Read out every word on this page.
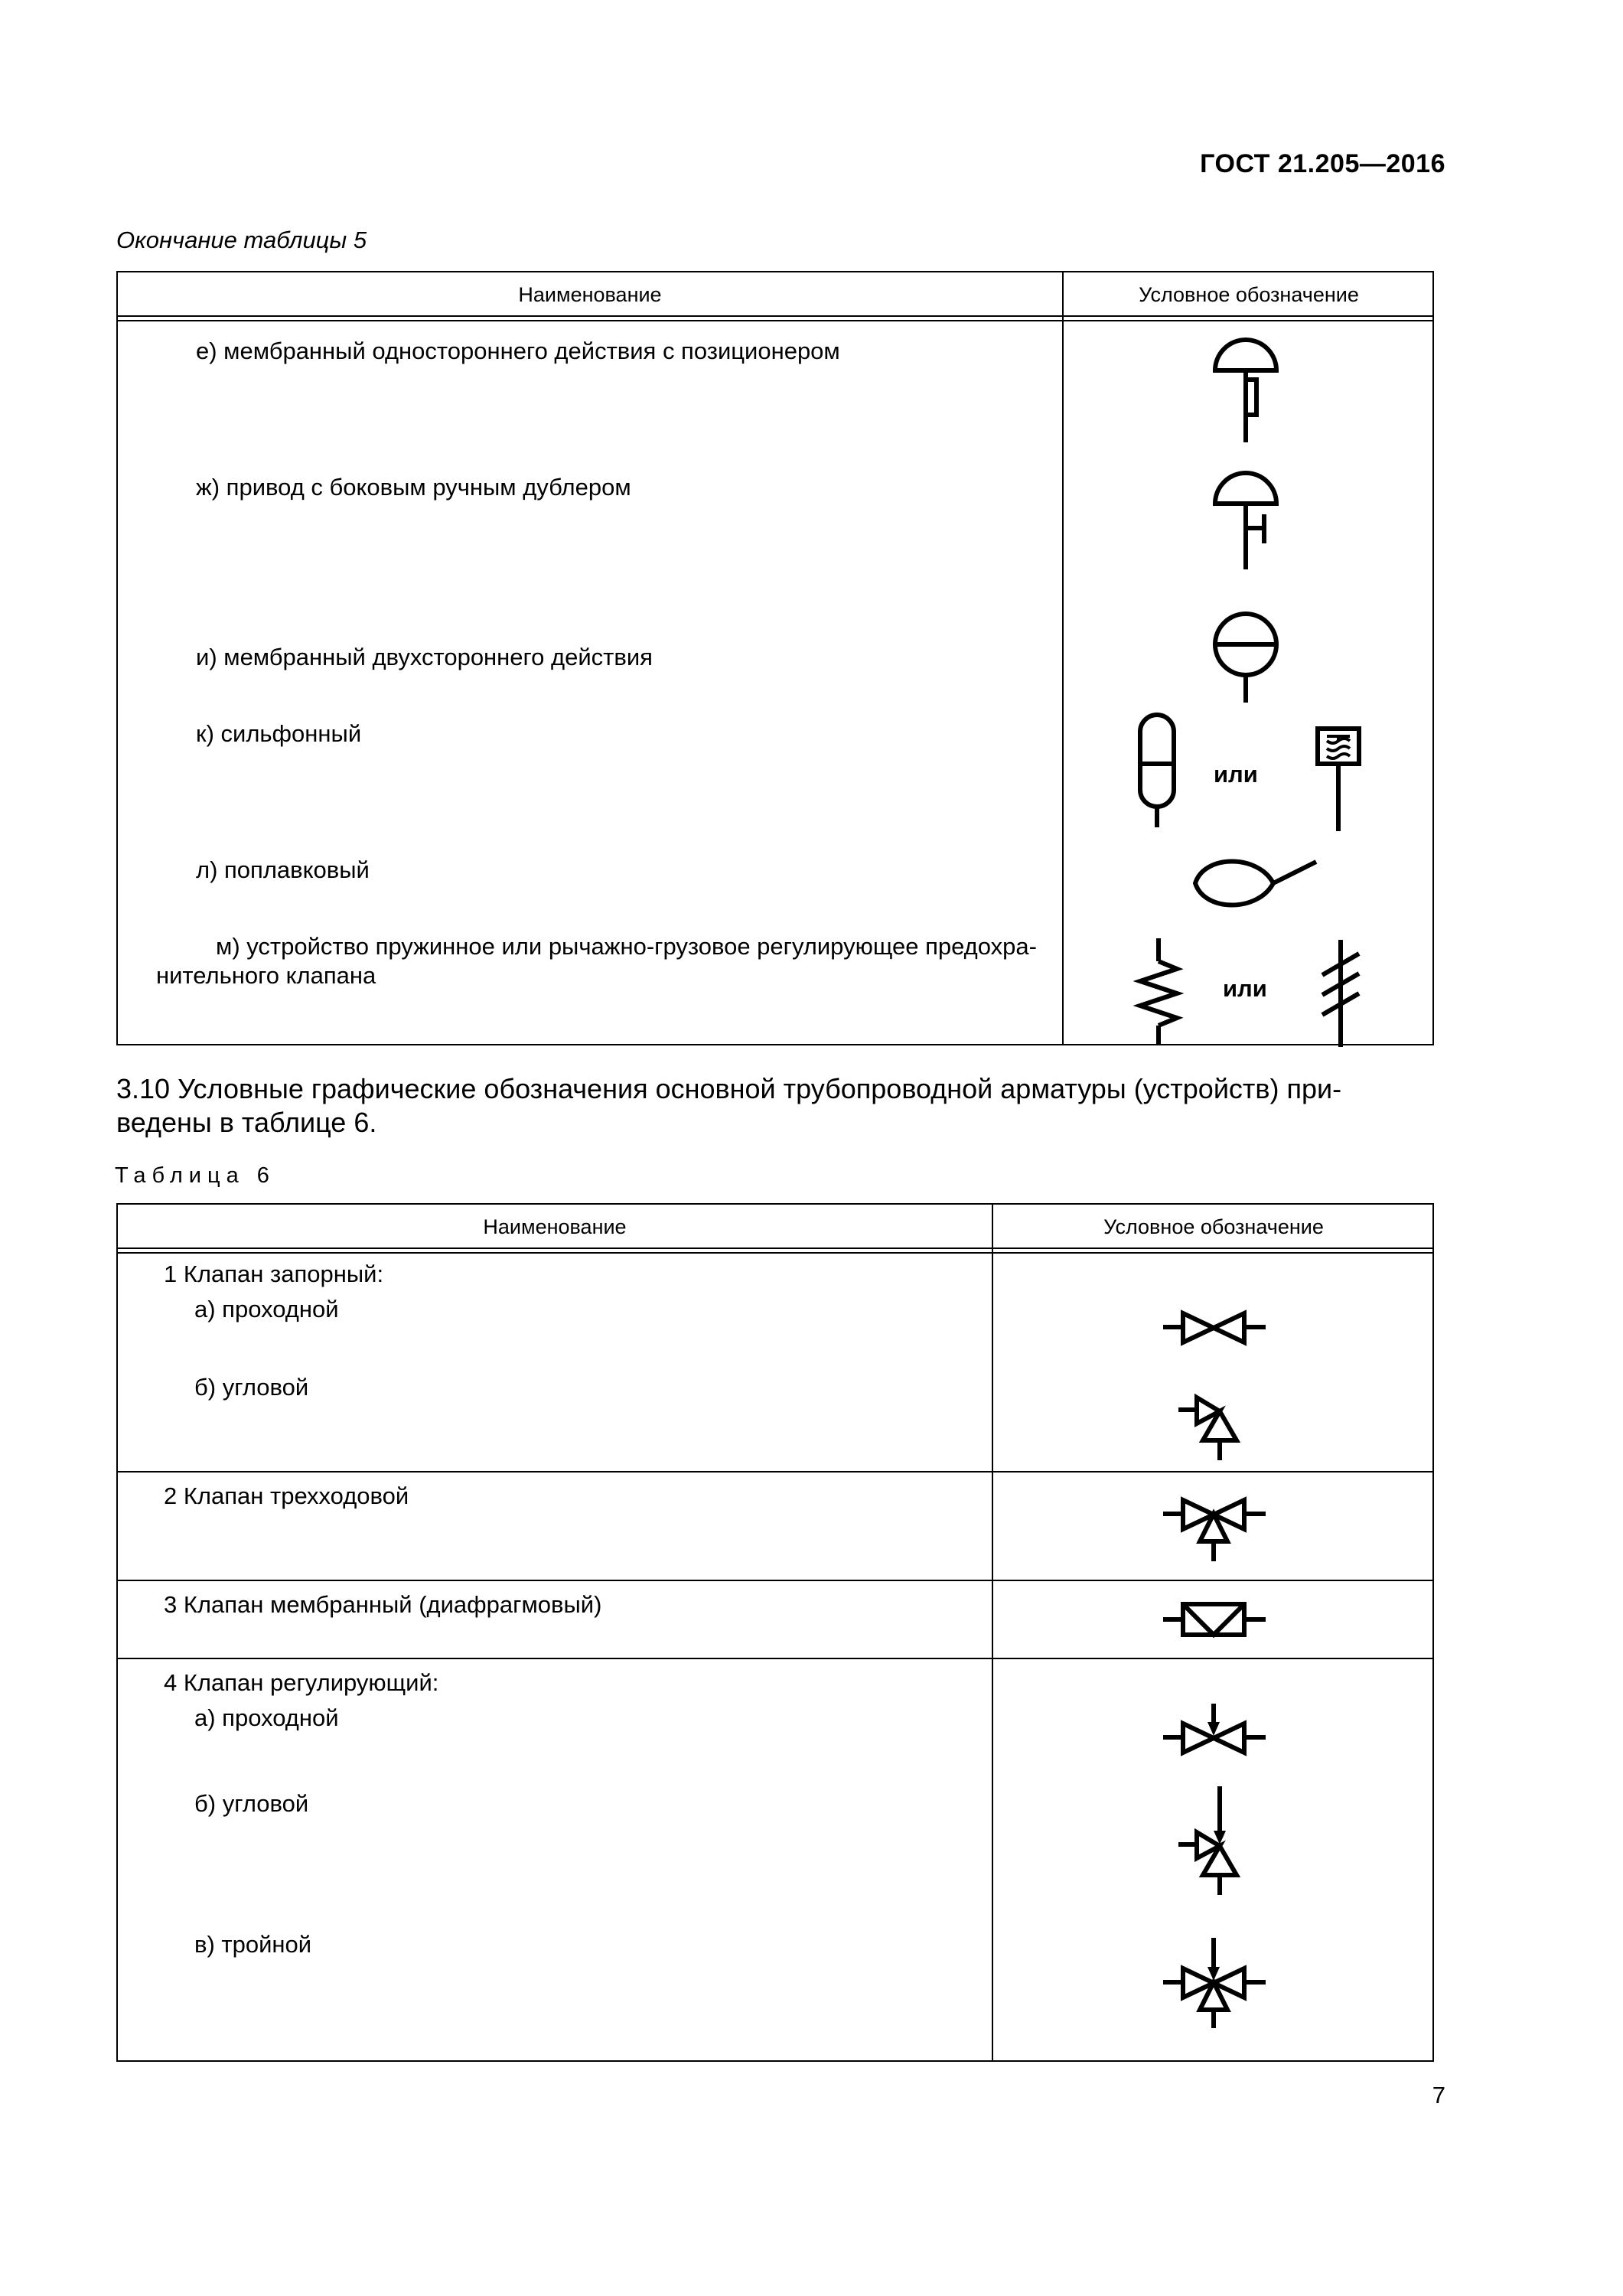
ГОСТ 21.205—2016
Окончание таблицы 5
Наименование	Условное обозначение
е) мембранный одностороннего действия с позиционером
ж) привод с боковым ручным дублером
и) мембранный двухстороннего действия
к) сильфонный
л) поплавковый
м) устройство пружинное или рычажно-грузовое регулирующее предохра-
нительного клапана
или
или
3.10 Условные графические обозначения основной трубопроводной арматуры (устройств) при-
ведены в таблице 6.
Таблица 6
Наименование	Условное обозначение
1 Клапан запорный:
а) проходной
б) угловой
2 Клапан трехходовой
3 Клапан мембранный (диафрагмовый)
4 Клапан регулирующий:
а) проходной
б) угловой
в) тройной
7
